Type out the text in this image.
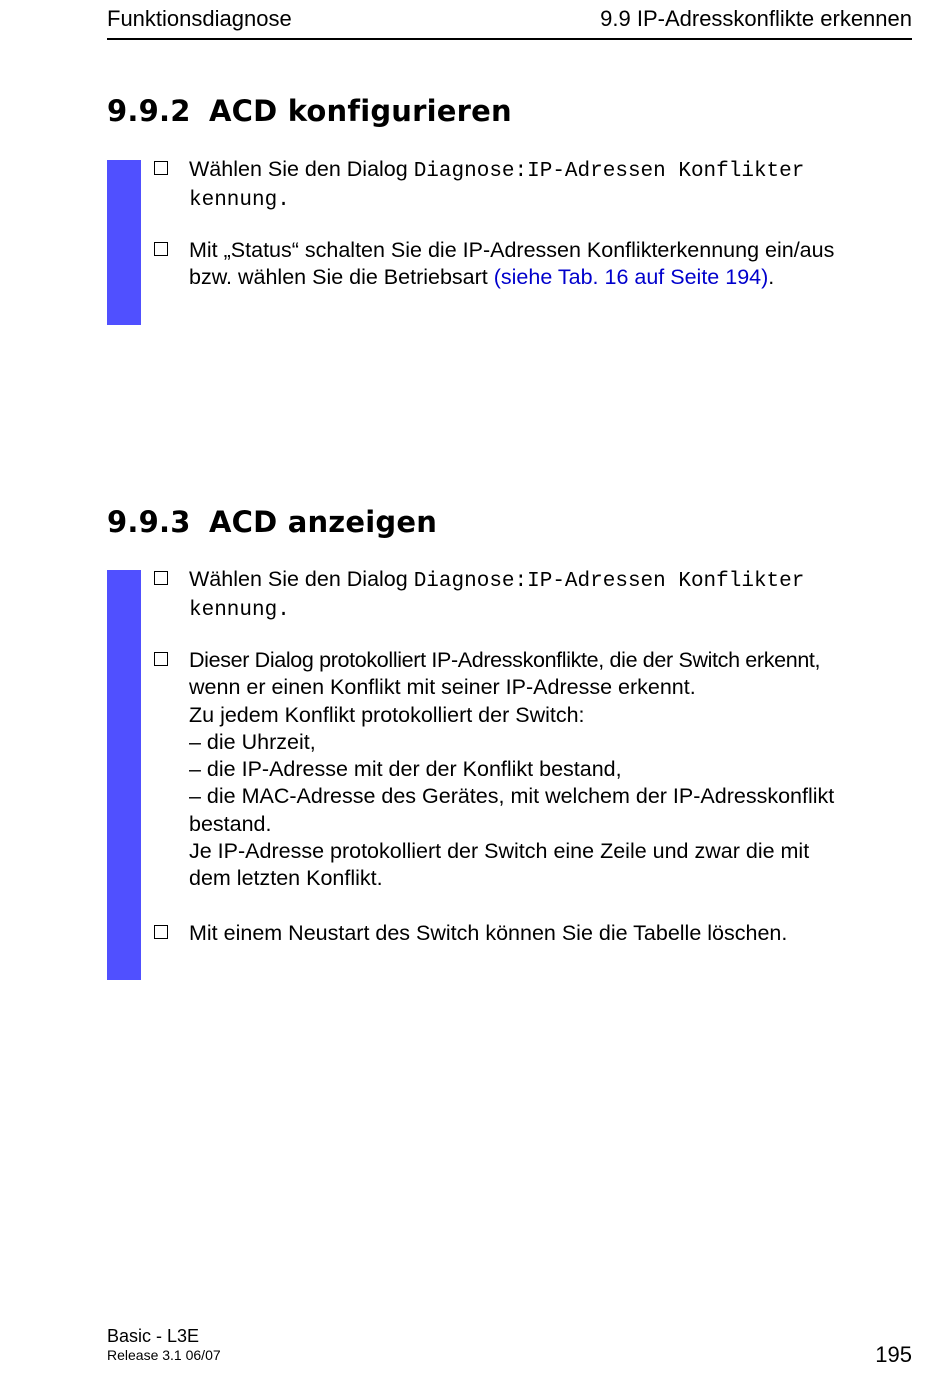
Funktionsdiagnose	9.9 IP-Adresskonflikte erkennen
9.9.2 ACD konfigurieren
Wählen Sie den Dialog Diagnose:IP-Adressen Konflikter
kennung.
Mit „Status“ schalten Sie die IP-Adressen Konflikterkennung ein/aus
bzw. wählen Sie die Betriebsart (siehe Tab. 16 auf Seite 194).
9.9.3 ACD anzeigen
Wählen Sie den Dialog Diagnose:IP-Adressen Konflikter
kennung.
Dieser Dialog protokolliert IP-Adresskonflikte, die der Switch erkennt,
wenn er einen Konflikt mit seiner IP-Adresse erkennt.
Zu jedem Konflikt protokolliert der Switch:
– die Uhrzeit,
– die IP-Adresse mit der der Konflikt bestand,
– die MAC-Adresse des Gerätes, mit welchem der IP-Adresskonflikt
bestand.
Je IP-Adresse protokolliert der Switch eine Zeile und zwar die mit
dem letzten Konflikt.
Mit einem Neustart des Switch können Sie die Tabelle löschen.
Basic - L3E
Release 3.1 06/07	195
